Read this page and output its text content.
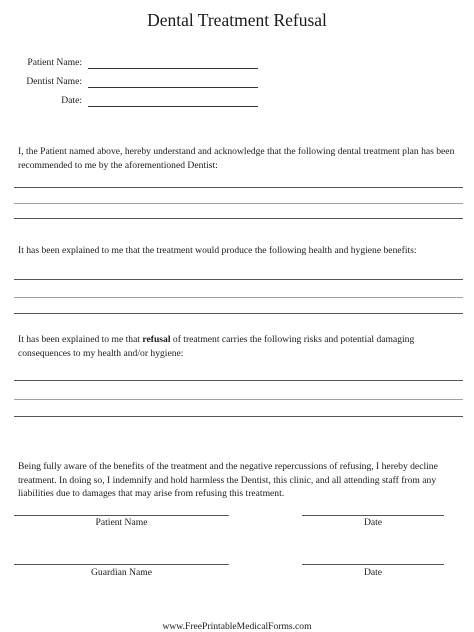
Dental Treatment Refusal
Patient Name:
Dentist Name:
Date:
I, the Patient named above, hereby understand and acknowledge that the following dental treatment plan has been recommended to me by the aforementioned Dentist:
It has been explained to me that the treatment would produce the following health and hygiene benefits:
It has been explained to me that refusal of treatment carries the following risks and potential damaging consequences to my health and/or hygiene:
Being fully aware of the benefits of the treatment and the negative repercussions of refusing, I hereby decline treatment. In doing so, I indemnify and hold harmless the Dentist, this clinic, and all attending staff from any liabilities due to damages that may arise from refusing this treatment.
Patient Name	Date
Guardian Name	Date
www.FreePrintableMedicalForms.com
